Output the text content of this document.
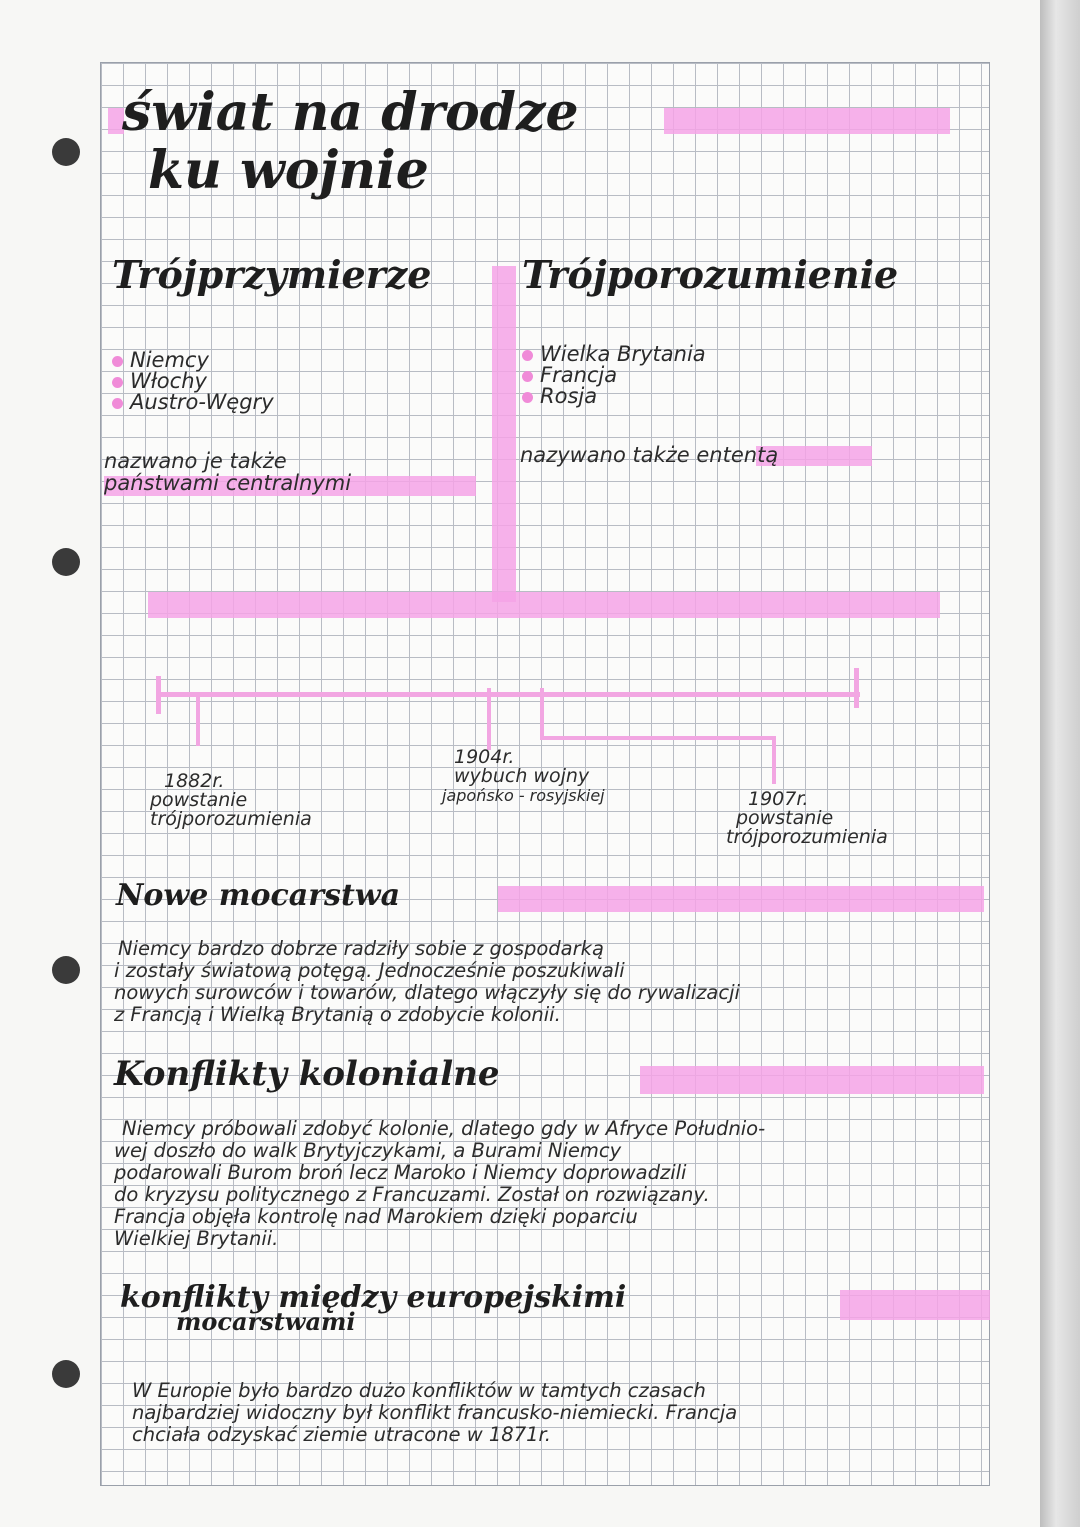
świat na drodze
ku wojnie
Trójprzymierze Trójporozumienie
Niemcy
Włochy
Austro-Węgry
nazwano je także
państwami centralnymi
Wielka Brytania
Francja
Rosja
nazywano także ententą
1882r.
powstanie
trójporozumienia
1904r.
wybuch wojny
japońsko - rosyjskiej	1907r.
powstanie
trójporozumienia
Nowe mocarstwa
Niemcy bardzo dobrze radziły sobie z gospodarką
i zostały światową potęgą. Jednocześnie poszukiwali
nowych surowców i towarów, dlatego włączyły się do rywalizacji
z Francją i Wielką Brytanią o zdobycie kolonii.
Konflikty kolonialne
Niemcy próbowali zdobyć kolonie, dlatego gdy w Afryce Południo-
wej doszło do walk Brytyjczykami, a Burami Niemcy
podarowali Burom broń lecz Maroko i Niemcy doprowadzili
do kryzysu politycznego z Francuzami. Został on rozwiązany.
Francja objęła kontrolę nad Marokiem dzięki poparciu
Wielkiej Brytanii.
konflikty między europejskimi
mocarstwami
W Europie było bardzo dużo konfliktów w tamtych czasach
najbardziej widoczny był konflikt francusko-niemiecki. Francja
chciała odzyskać ziemie utracone w 1871r.
